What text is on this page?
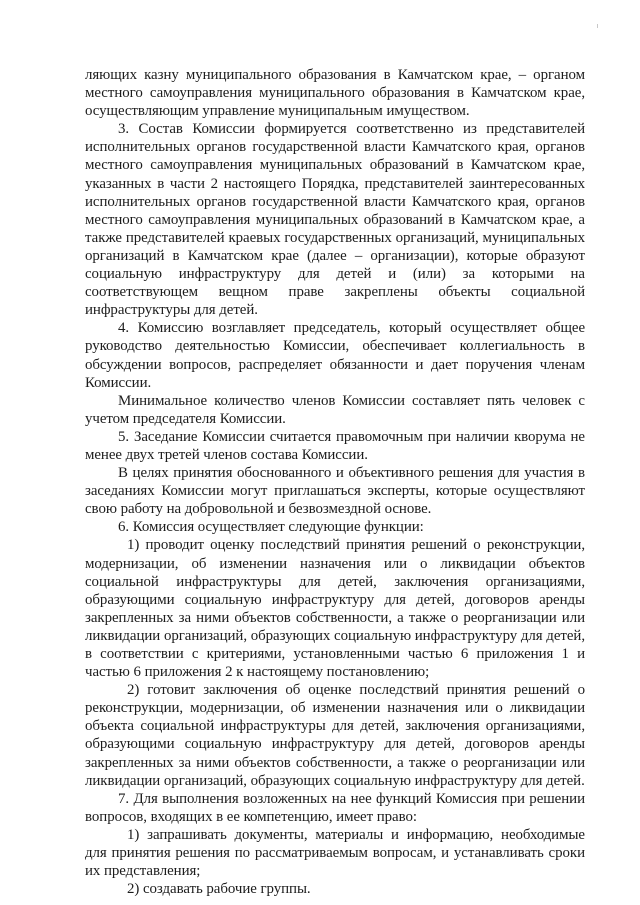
ляющих казну муниципального образования в Камчатском крае, – органом местного самоуправления муниципального образования в Камчатском крае, осуществляющим управление муниципальным имуществом.

3. Состав Комиссии формируется соответственно из представителей исполнительных органов государственной власти Камчатского края, органов местного самоуправления муниципальных образований в Камчатском крае, указанных в части 2 настоящего Порядка, представителей заинтересованных исполнительных органов государственной власти Камчатского края, органов местного самоуправления муниципальных образований в Камчатском крае, а также представителей краевых государственных организаций, муниципальных организаций в Камчатском крае (далее – организации), которые образуют социальную инфраструктуру для детей и (или) за которыми на соответствующем вещном праве закреплены объекты социальной инфраструктуры для детей.

4. Комиссию возглавляет председатель, который осуществляет общее руководство деятельностью Комиссии, обеспечивает коллегиальность в обсуждении вопросов, распределяет обязанности и дает поручения членам Комиссии.

Минимальное количество членов Комиссии составляет пять человек с учетом председателя Комиссии.

5. Заседание Комиссии считается правомочным при наличии кворума не менее двух третей членов состава Комиссии.

В целях принятия обоснованного и объективного решения для участия в заседаниях Комиссии могут приглашаться эксперты, которые осуществляют свою работу на добровольной и безвозмездной основе.

6. Комиссия осуществляет следующие функции:

1) проводит оценку последствий принятия решений о реконструкции, модернизации, об изменении назначения или о ликвидации объектов социальной инфраструктуры для детей, заключения организациями, образующими социальную инфраструктуру для детей, договоров аренды закрепленных за ними объектов собственности, а также о реорганизации или ликвидации организаций, образующих социальную инфраструктуру для детей, в соответствии с критериями, установленными частью 6 приложения 1 и частью 6 приложения 2 к настоящему постановлению;

2) готовит заключения об оценке последствий принятия решений о реконструкции, модернизации, об изменении назначения или о ликвидации объекта социальной инфраструктуры для детей, заключения организациями, образующими социальную инфраструктуру для детей, договоров аренды закрепленных за ними объектов собственности, а также о реорганизации или ликвидации организаций, образующих социальную инфраструктуру для детей.

7. Для выполнения возложенных на нее функций Комиссия при решении вопросов, входящих в ее компетенцию, имеет право:

1) запрашивать документы, материалы и информацию, необходимые для принятия решения по рассматриваемым вопросам, и устанавливать сроки их представления;

2) создавать рабочие группы.
